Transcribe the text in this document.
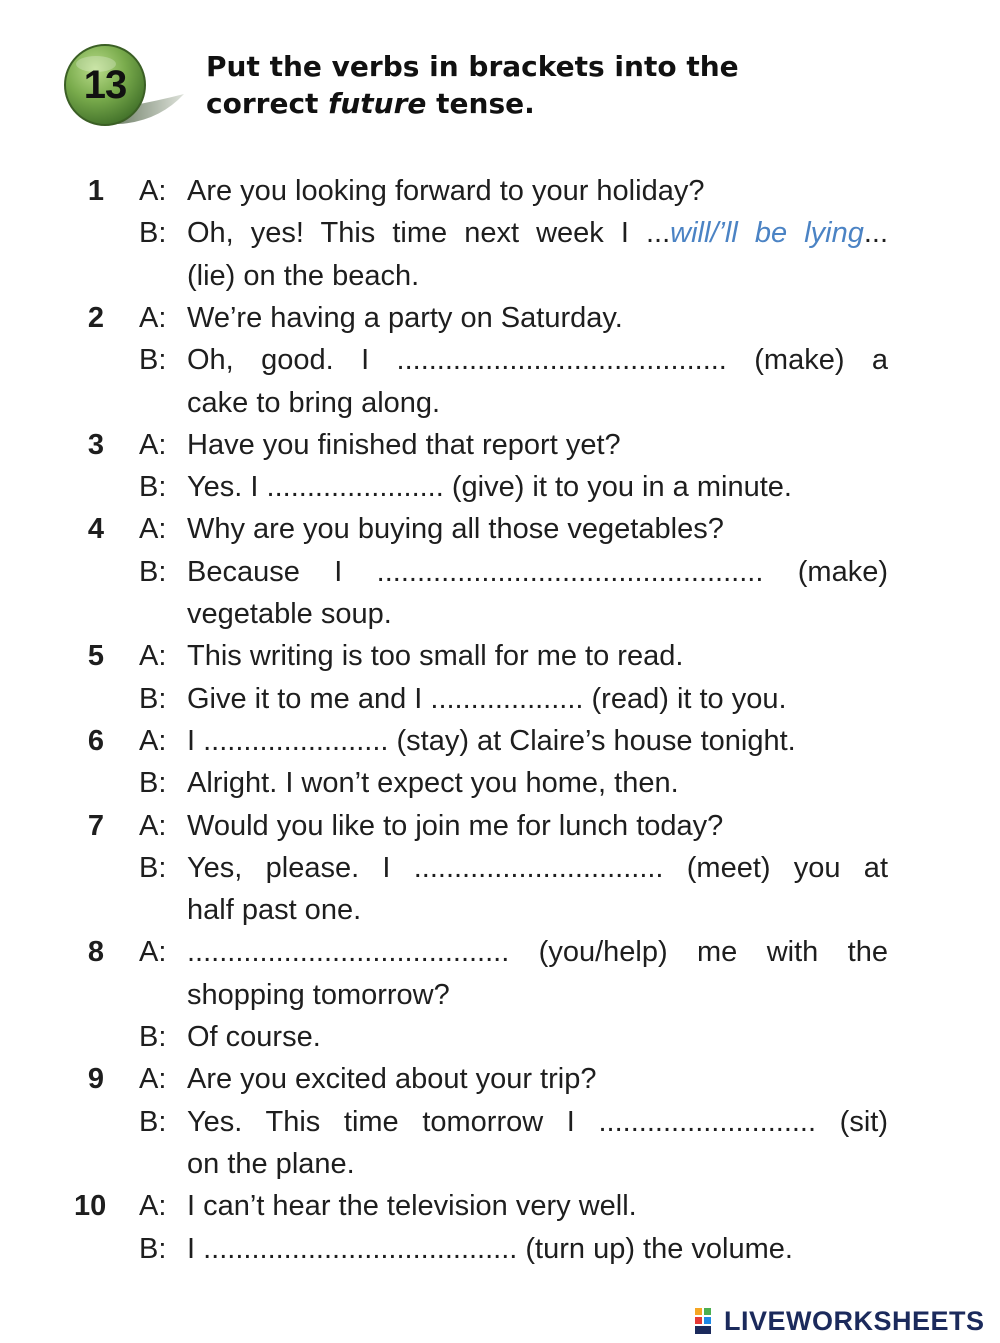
13	Put the verbs in brackets into the
correct future tense.

1 A: Are you looking forward to your holiday?
B: Oh, yes! This time next week I ...will/’ll be lying...
(lie) on the beach.
2 A: We’re having a party on Saturday.
B: Oh, good. I ......................................... (make) a
cake to bring along.
3 A: Have you finished that report yet?
B: Yes. I ...................... (give) it to you in a minute.
4 A: Why are you buying all those vegetables?
B: Because I ................................................ (make)
vegetable soup.
5 A: This writing is too small for me to read.
B: Give it to me and I ................... (read) it to you.
6 A: I ....................... (stay) at Claire’s house tonight.
B: Alright. I won’t expect you home, then.
7 A: Would you like to join me for lunch today?
B: Yes, please. I ............................... (meet) you at
half past one.
8 A: ........................................ (you/help) me with the
shopping tomorrow?
B: Of course.
9 A: Are you excited about your trip?
B: Yes. This time tomorrow I ........................... (sit)
on the plane.
10 A: I can’t hear the television very well.
B: I ....................................... (turn up) the volume.
LIVEWORKSHEETS
